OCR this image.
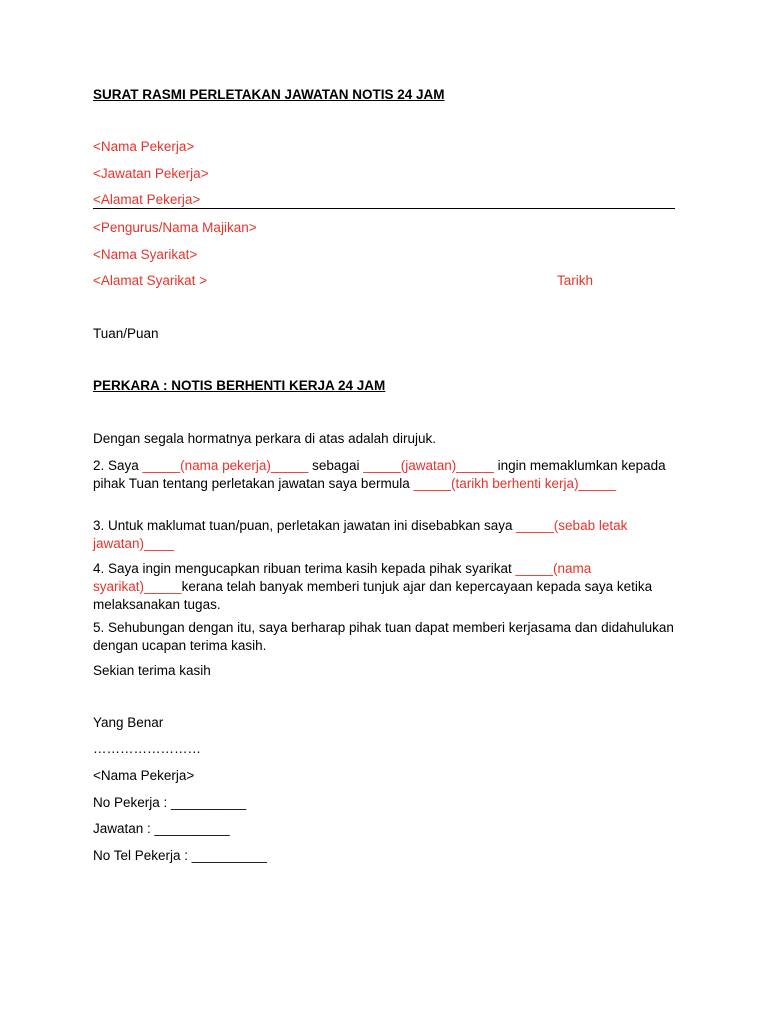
SURAT RASMI PERLETAKAN JAWATAN NOTIS 24 JAM

<Nama Pekerja>

<Jawatan Pekerja>

<Alamat Pekerja>

<Pengurus/Nama Majikan>

<Nama Syarikat>

<Alamat Syarikat >	Tarikh

Tuan/Puan

PERKARA : NOTIS BERHENTI KERJA 24 JAM

Dengan segala hormatnya perkara di atas adalah dirujuk.

2. Saya _____(nama pekerja)_____ sebagai _____(jawatan)_____ ingin memaklumkan kepada pihak Tuan tentang perletakan jawatan saya bermula _____(tarikh berhenti kerja)_____

3. Untuk maklumat tuan/puan, perletakan jawatan ini disebabkan saya _____(sebab letak jawatan)____

4. Saya ingin mengucapkan ribuan terima kasih kepada pihak syarikat _____(nama syarikat)_____kerana telah banyak memberi tunjuk ajar dan kepercayaan kepada saya ketika melaksanakan tugas.

5. Sehubungan dengan itu, saya berharap pihak tuan dapat memberi kerjasama dan didahulukan dengan ucapan terima kasih.

Sekian terima kasih

Yang Benar

……………………

<Nama Pekerja>

No Pekerja : __________

Jawatan : __________

No Tel Pekerja : __________
